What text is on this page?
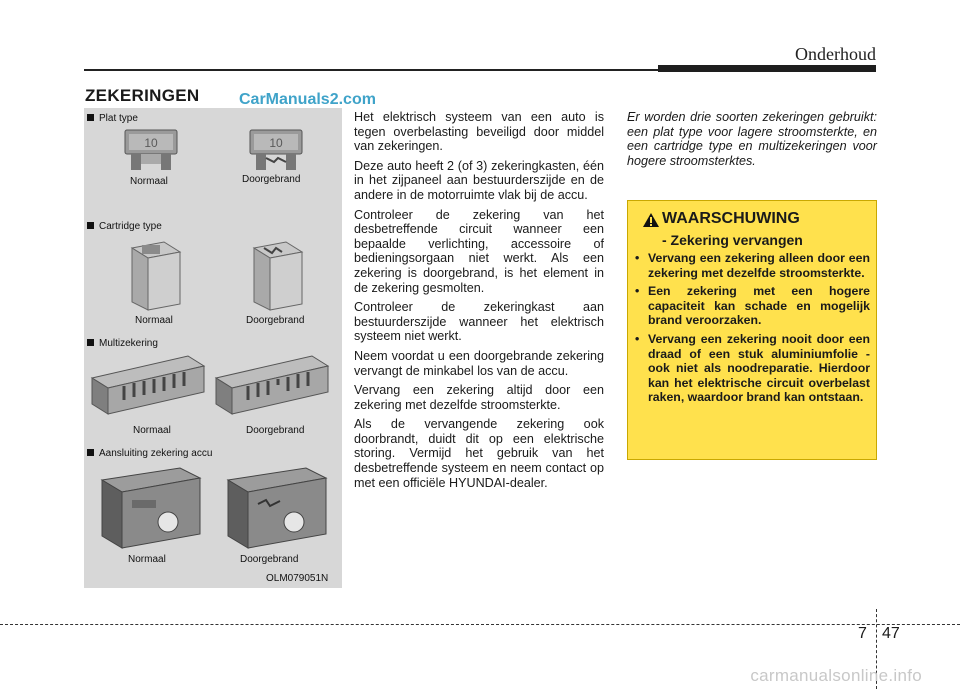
Onderhoud
ZEKERINGEN CarManuals2.com
Plat type
10
Normaal
10
Doorgebrand
Cartridge type
Normaal	Doorgebrand
Multizekering
Normaal	Doorgebrand
Aansluiting zekering accu
Normaal	Doorgebrand
OLM079051N

Het elektrisch systeem van een auto is tegen overbelasting beveiligd door middel van zekeringen.

Deze auto heeft 2 (of 3) zekeringkasten, één in het zijpaneel aan bestuurderszijde en de andere in de motorruimte vlak bij de accu.

Controleer de zekering van het desbetreffende circuit wanneer een bepaalde verlichting, accessoire of bedieningsorgaan niet werkt. Als een zekering is doorgebrand, is het element in de zekering gesmolten.

Controleer de zekeringkast aan bestuurderszijde wanneer het elektrisch systeem niet werkt.

Neem voordat u een doorgebrande zekering vervangt de minkabel los van de accu.

Vervang een zekering altijd door een zekering met dezelfde stroomsterkte.

Als de vervangende zekering ook doorbrandt, duidt dit op een elektrische storing. Vermijd het gebruik van het desbetreffende systeem en neem contact op met een officiële HYUNDAI-dealer.

Er worden drie soorten zekeringen gebruikt: een plat type voor lagere stroomsterkte, en een cartridge type en multizekeringen voor hogere stroomsterktes.

WAARSCHUWING
- Zekering vervangen
• Vervang een zekering alleen door een zekering met dezelfde stroomsterkte.
• Een zekering met een hogere capaciteit kan schade en mogelijk brand veroorzaken.
• Vervang een zekering nooit door een draad of een stuk aluminiumfolie - ook niet als noodreparatie. Hierdoor kan het elektrische circuit overbelast raken, waardoor brand kan ontstaan.
7 47
carmanualsonline.info
